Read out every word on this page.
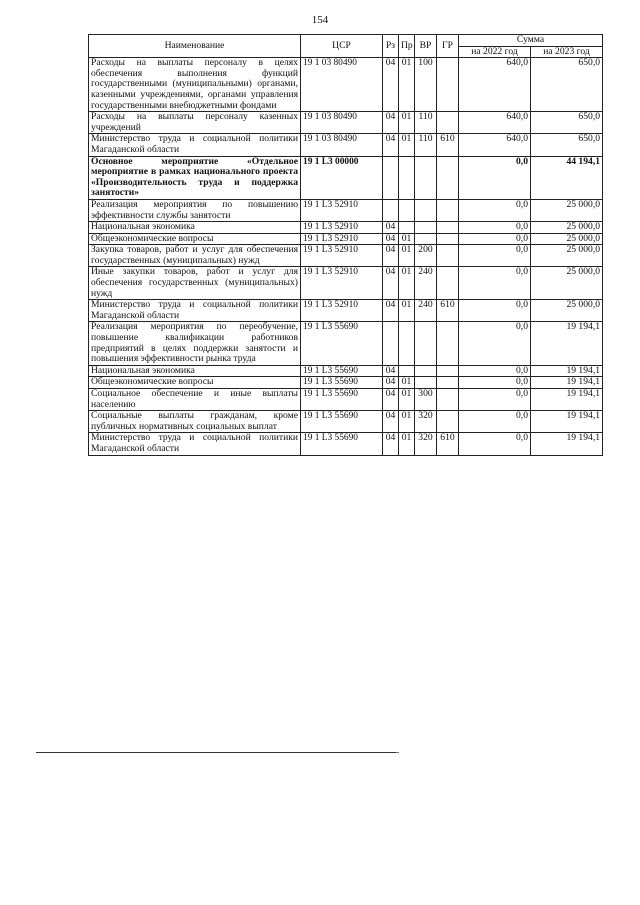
154
Наименование	ЦСР	Рз	Пр	ВР	ГР	Сумма	
						на 2022 год	на 2023 год
Расходы на выплаты персоналу в целях обеспечения выполнения функций государственными (муниципальными) органами, казенными учреждениями, органами управления государственными внебюджетными фондами	19 1 03 80490	04	01	100		640,0	650,0
Расходы на выплаты персоналу казенных учреждений	19 1 03 80490	04	01	110		640,0	650,0
Министерство труда и социальной политики Магаданской области	19 1 03 80490	04	01	110	610	640,0	650,0
Основное мероприятие «Отдельное мероприятие в рамках национального проекта «Производительность труда и поддержка занятости»	19 1 L3 00000					0,0	44 194,1
Реализация мероприятия по повышению эффективности службы занятости	19 1 L3 52910					0,0	25 000,0
Национальная экономика	19 1 L3 52910	04				0,0	25 000,0
Общеэкономические вопросы	19 1 L3 52910	04	01			0,0	25 000,0
Закупка товаров, работ и услуг для обеспечения государственных (муниципальных) нужд	19 1 L3 52910	04	01	200		0,0	25 000,0
Иные закупки товаров, работ и услуг для обеспечения государственных (муниципальных) нужд	19 1 L3 52910	04	01	240		0,0	25 000,0
Министерство труда и социальной политики Магаданской области	19 1 L3 52910	04	01	240	610	0,0	25 000,0
Реализация мероприятия по переобучение, повышение квалификации работников предприятий в целях поддержки занятости и повышения эффективности рынка труда	19 1 L3 55690					0,0	19 194,1
Национальная экономика	19 1 L3 55690	04				0,0	19 194,1
Общеэкономические вопросы	19 1 L3 55690	04	01			0,0	19 194,1
Социальное обеспечение и иные выплаты населению	19 1 L3 55690	04	01	300		0,0	19 194,1
Социальные выплаты гражданам, кроме публичных нормативных социальных выплат	19 1 L3 55690	04	01	320		0,0	19 194,1
Министерство труда и социальной политики Магаданской области	19 1 L3 55690	04	01	320	610	0,0	19 194,1
